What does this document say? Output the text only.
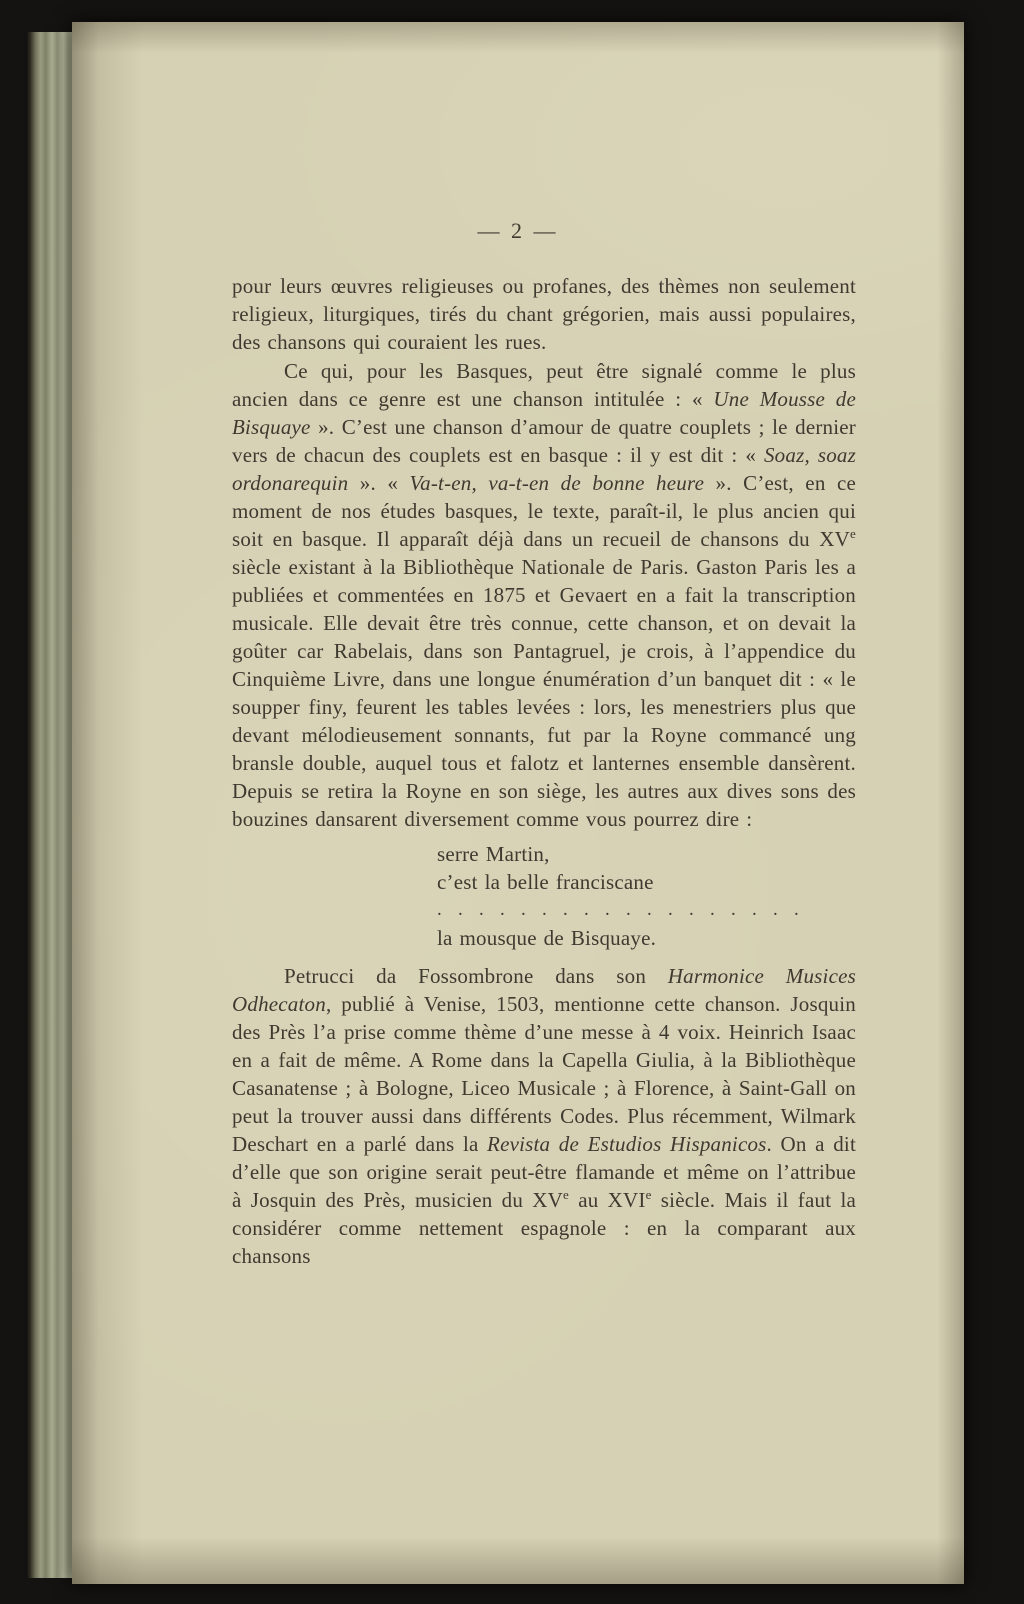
— 2 —

pour leurs œuvres religieuses ou profanes, des thèmes non seulement religieux, liturgiques, tirés du chant grégorien, mais aussi populaires, des chansons qui couraient les rues.

Ce qui, pour les Basques, peut être signalé comme le plus ancien dans ce genre est une chanson intitulée : « Une Mousse de Bisquaye ». C’est une chanson d’amour de quatre couplets ; le dernier vers de chacun des couplets est en basque : il y est dit : « Soaz, soaz ordonarequin ». « Va-t-en, va-t-en de bonne heure ». C’est, en ce moment de nos études basques, le texte, paraît-il, le plus ancien qui soit en basque. Il apparaît déjà dans un recueil de chansons du XVe siècle existant à la Bibliothèque Nationale de Paris. Gaston Paris les a publiées et commentées en 1875 et Gevaert en a fait la transcription musicale. Elle devait être très connue, cette chanson, et on devait la goûter car Rabelais, dans son Pantagruel, je crois, à l’appendice du Cinquième Livre, dans une longue énumération d’un banquet dit : « le soupper finy, feurent les tables levées : lors, les menestriers plus que devant mélodieusement sonnants, fut par la Royne commancé ung bransle double, auquel tous et falotz et lanternes ensemble dansèrent. Depuis se retira la Royne en son siège, les autres aux dives sons des bouzines dansarent diversement comme vous pourrez dire :

serre Martin,
c’est la belle franciscane
. . . . . . . . . . . . . . . . . .
la mousque de Bisquaye.

Petrucci da Fossombrone dans son Harmonice Musices Odhecaton, publié à Venise, 1503, mentionne cette chanson. Josquin des Près l’a prise comme thème d’une messe à 4 voix. Heinrich Isaac en a fait de même. A Rome dans la Capella Giulia, à la Bibliothèque Casanatense ; à Bologne, Liceo Musicale ; à Florence, à Saint-Gall on peut la trouver aussi dans différents Codes. Plus récemment, Wilmark Deschart en a parlé dans la Revista de Estudios Hispanicos. On a dit d’elle que son origine serait peut-être flamande et même on l’attribue à Josquin des Près, musicien du XVe au XVIe siècle. Mais il faut la considérer comme nettement espagnole : en la comparant aux chansons
